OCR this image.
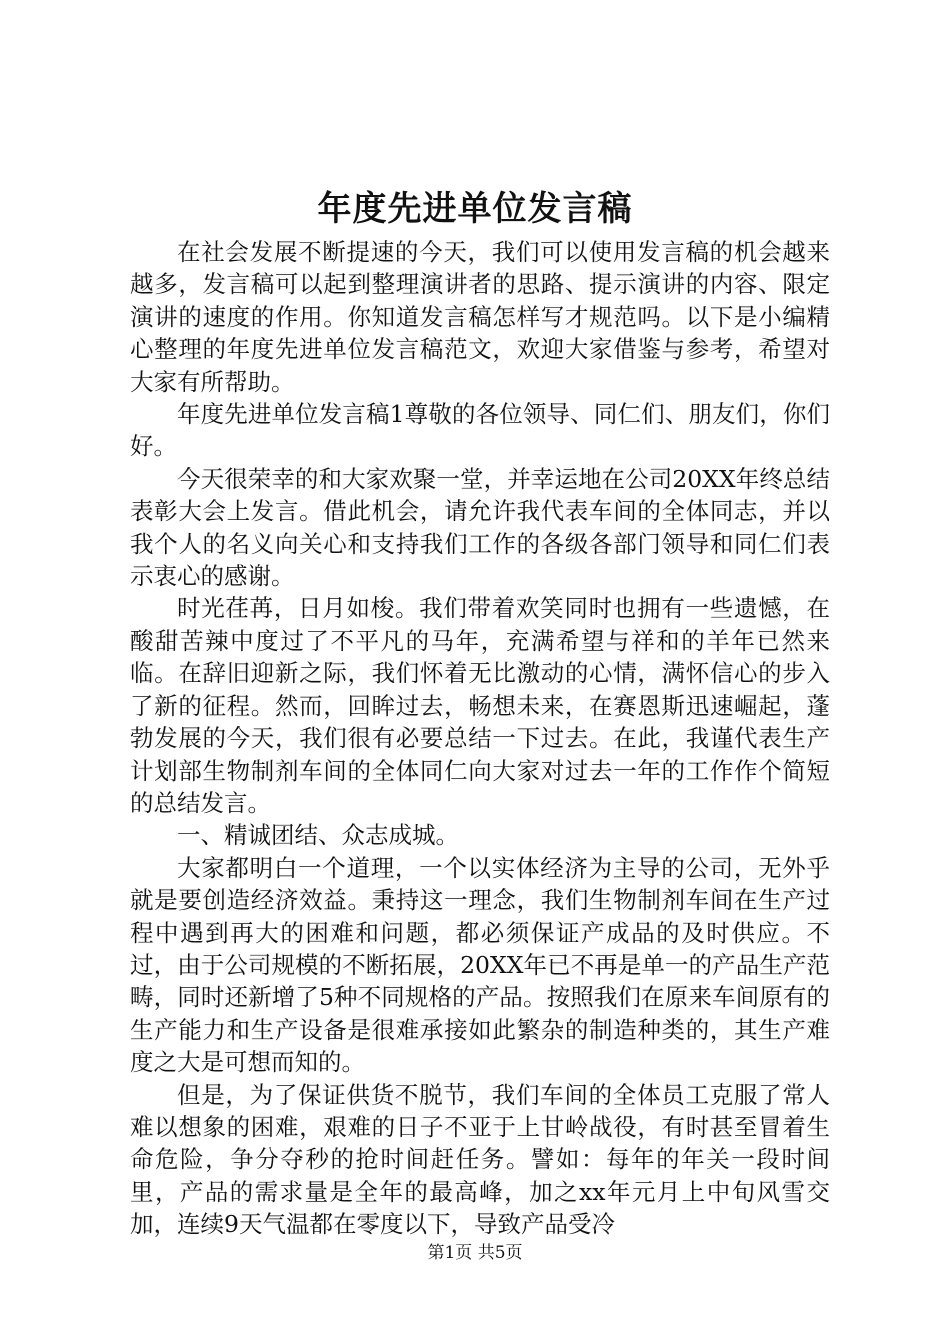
年度先进单位发言稿

在社会发展不断提速的今天，我们可以使用发言稿的机会越来越多，发言稿可以起到整理演讲者的思路、提示演讲的内容、限定演讲的速度的作用。你知道发言稿怎样写才规范吗。以下是小编精心整理的年度先进单位发言稿范文，欢迎大家借鉴与参考，希望对大家有所帮助。

年度先进单位发言稿1尊敬的各位领导、同仁们、朋友们，你们好。

今天很荣幸的和大家欢聚一堂，并幸运地在公司20XX年终总结表彰大会上发言。借此机会，请允许我代表车间的全体同志，并以我个人的名义向关心和支持我们工作的各级各部门领导和同仁们表示衷心的感谢。

时光荏苒，日月如梭。我们带着欢笑同时也拥有一些遗憾，在酸甜苦辣中度过了不平凡的马年，充满希望与祥和的羊年已然来临。在辞旧迎新之际，我们怀着无比激动的心情，满怀信心的步入了新的征程。然而，回眸过去，畅想未来，在赛恩斯迅速崛起，蓬勃发展的今天，我们很有必要总结一下过去。在此，我谨代表生产计划部生物制剂车间的全体同仁向大家对过去一年的工作作个简短的总结发言。

一、精诚团结、众志成城。

大家都明白一个道理，一个以实体经济为主导的公司，无外乎就是要创造经济效益。秉持这一理念，我们生物制剂车间在生产过程中遇到再大的困难和问题，都必须保证产成品的及时供应。不过，由于公司规模的不断拓展，20XX年已不再是单一的产品生产范畴，同时还新增了5种不同规格的产品。按照我们在原来车间原有的生产能力和生产设备是很难承接如此繁杂的制造种类的，其生产难度之大是可想而知的。

但是，为了保证供货不脱节，我们车间的全体员工克服了常人难以想象的困难，艰难的日子不亚于上甘岭战役，有时甚至冒着生命危险，争分夺秒的抢时间赶任务。譬如：每年的年关一段时间里，产品的需求量是全年的最高峰，加之xx年元月上中旬风雪交加，连续9天气温都在零度以下，导致产品受冷

第1页 共5页
